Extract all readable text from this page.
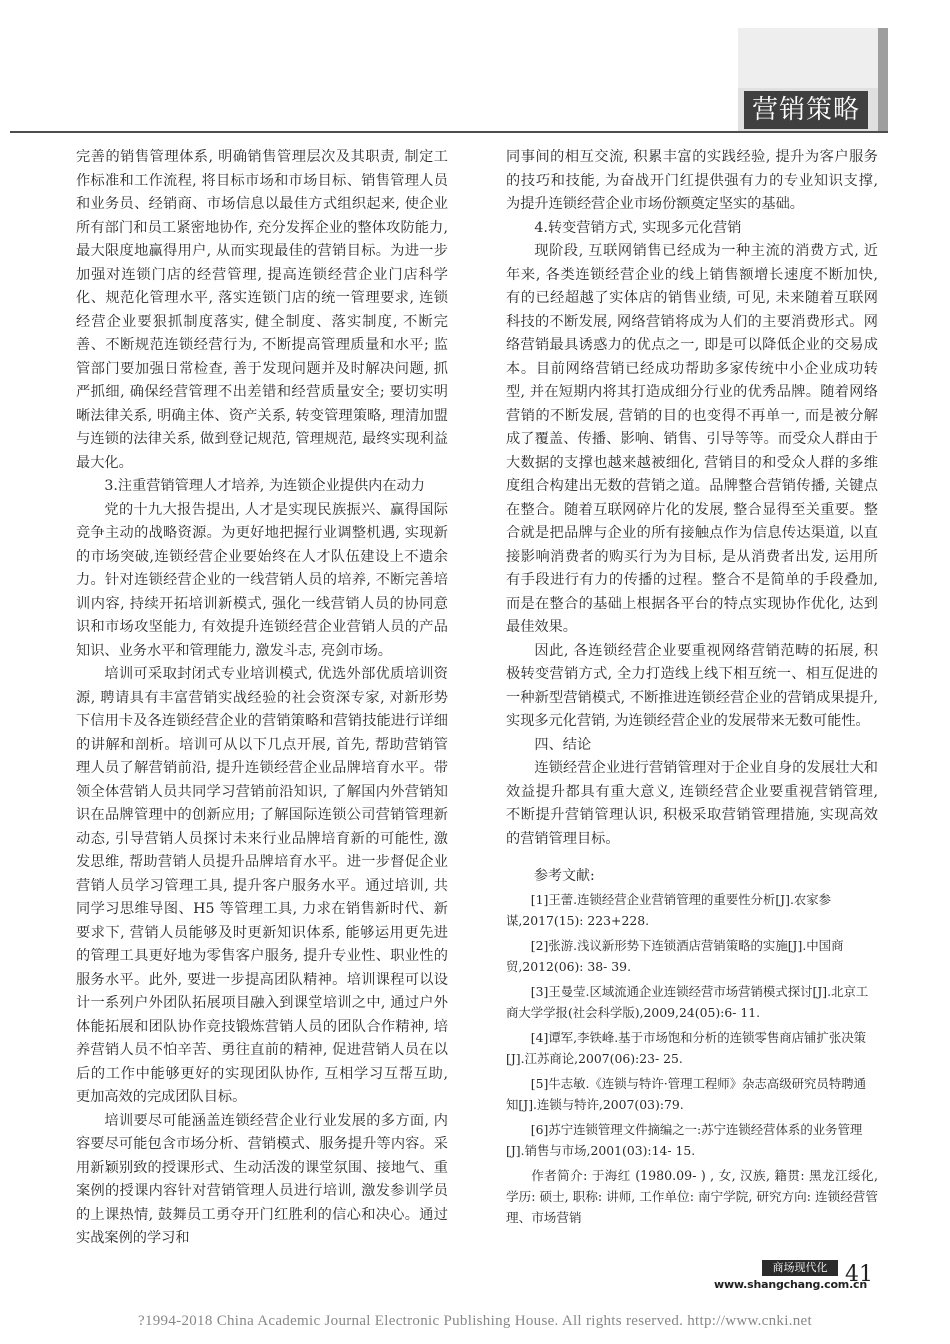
营销策略

完善的销售管理体系, 明确销售管理层次及其职责, 制定工作标准和工作流程, 将目标市场和市场目标、销售管理人员和业务员、经销商、市场信息以最佳方式组织起来, 使企业所有部门和员工紧密地协作, 充分发挥企业的整体攻防能力, 最大限度地赢得用户, 从而实现最佳的营销目标。为进一步加强对连锁门店的经营管理, 提高连锁经营企业门店科学化、规范化管理水平, 落实连锁门店的统一管理要求, 连锁经营企业要狠抓制度落实, 健全制度、落实制度, 不断完善、不断规范连锁经营行为, 不断提高管理质量和水平; 监管部门要加强日常检查, 善于发现问题并及时解决问题, 抓严抓细, 确保经营管理不出差错和经营质量安全; 要切实明晰法律关系, 明确主体、资产关系, 转变管理策略, 理清加盟与连锁的法律关系, 做到登记规范, 管理规范, 最终实现利益最大化。

3.注重营销管理人才培养, 为连锁企业提供内在动力

党的十九大报告提出, 人才是实现民族振兴、赢得国际竞争主动的战略资源。为更好地把握行业调整机遇, 实现新的市场突破,连锁经营企业要始终在人才队伍建设上不遗余力。针对连锁经营企业的一线营销人员的培养, 不断完善培训内容, 持续开拓培训新模式, 强化一线营销人员的协同意识和市场攻坚能力, 有效提升连锁经营企业营销人员的产品知识、业务水平和管理能力, 激发斗志, 亮剑市场。

培训可采取封闭式专业培训模式, 优选外部优质培训资源, 聘请具有丰富营销实战经验的社会资深专家, 对新形势下信用卡及各连锁经营企业的营销策略和营销技能进行详细的讲解和剖析。培训可从以下几点开展, 首先, 帮助营销管理人员了解营销前沿, 提升连锁经营企业品牌培育水平。带领全体营销人员共同学习营销前沿知识, 了解国内外营销知识在品牌管理中的创新应用; 了解国际连锁公司营销管理新动态, 引导营销人员探讨未来行业品牌培育新的可能性, 激发思维, 帮助营销人员提升品牌培育水平。进一步督促企业营销人员学习管理工具, 提升客户服务水平。通过培训, 共同学习思维导图、H5 等管理工具, 力求在销售新时代、新要求下, 营销人员能够及时更新知识体系, 能够运用更先进的管理工具更好地为零售客户服务, 提升专业性、职业性的服务水平。此外, 要进一步提高团队精神。培训课程可以设计一系列户外团队拓展项目融入到课堂培训之中, 通过户外体能拓展和团队协作竞技锻炼营销人员的团队合作精神, 培养营销人员不怕辛苦、勇往直前的精神, 促进营销人员在以后的工作中能够更好的实现团队协作, 互相学习互帮互助, 更加高效的完成团队目标。

培训要尽可能涵盖连锁经营企业行业发展的多方面, 内容要尽可能包含市场分析、营销模式、服务提升等内容。采用新颖别致的授课形式、生动活泼的课堂氛围、接地气、重案例的授课内容针对营销管理人员进行培训, 激发参训学员的上课热情, 鼓舞员工勇夺开门红胜利的信心和决心。通过实战案例的学习和

同事间的相互交流, 积累丰富的实践经验, 提升为客户服务的技巧和技能, 为奋战开门红提供强有力的专业知识支撑, 为提升连锁经营企业市场份额奠定坚实的基础。

4.转变营销方式, 实现多元化营销

现阶段, 互联网销售已经成为一种主流的消费方式, 近年来, 各类连锁经营企业的线上销售额增长速度不断加快, 有的已经超越了实体店的销售业绩, 可见, 未来随着互联网科技的不断发展, 网络营销将成为人们的主要消费形式。网络营销最具诱惑力的优点之一, 即是可以降低企业的交易成本。目前网络营销已经成功帮助多家传统中小企业成功转型, 并在短期内将其打造成细分行业的优秀品牌。随着网络营销的不断发展, 营销的目的也变得不再单一, 而是被分解成了覆盖、传播、影响、销售、引导等等。而受众人群由于大数据的支撑也越来越被细化, 营销目的和受众人群的多维度组合构建出无数的营销之道。品牌整合营销传播, 关键点在整合。随着互联网碎片化的发展, 整合显得至关重要。整合就是把品牌与企业的所有接触点作为信息传达渠道, 以直接影响消费者的购买行为为目标, 是从消费者出发, 运用所有手段进行有力的传播的过程。整合不是简单的手段叠加, 而是在整合的基础上根据各平台的特点实现协作优化, 达到最佳效果。

因此, 各连锁经营企业要重视网络营销范畴的拓展, 积极转变营销方式, 全力打造线上线下相互统一、相互促进的一种新型营销模式, 不断推进连锁经营企业的营销成果提升, 实现多元化营销, 为连锁经营企业的发展带来无数可能性。

四、结论

连锁经营企业进行营销管理对于企业自身的发展壮大和效益提升都具有重大意义, 连锁经营企业要重视营销管理, 不断提升营销管理认识, 积极采取营销管理措施, 实现高效的营销管理目标。

参考文献:

[1]王蕾.连锁经营企业营销管理的重要性分析[J].农家参谋,2017(15): 223+228.

[2]张游.浅议新形势下连锁酒店营销策略的实施[J].中国商贸,2012(06): 38- 39.

[3]王曼莹.区域流通企业连锁经营市场营销模式探讨[J].北京工商大学学报(社会科学版),2009,24(05):6- 11.

[4]谭军,李铁峰.基于市场饱和分析的连锁零售商店铺扩张决策[J].江苏商论,2007(06):23- 25.

[5]牛志敏.《连锁与特许·管理工程师》杂志高级研究员特聘通知[J].连锁与特许,2007(03):79.

[6]苏宁连锁管理文件摘编之一:苏宁连锁经营体系的业务管理[J].销售与市场,2001(03):14- 15.

作者简介: 于海红 (1980.09- ) , 女, 汉族, 籍贯: 黑龙江绥化, 学历: 硕士, 职称: 讲师, 工作单位: 南宁学院, 研究方向: 连锁经营管理、市场营销

商场现代化
www.shangchang.com.cn
41
?1994-2018 China Academic Journal Electronic Publishing House. All rights reserved. http://www.cnki.net
